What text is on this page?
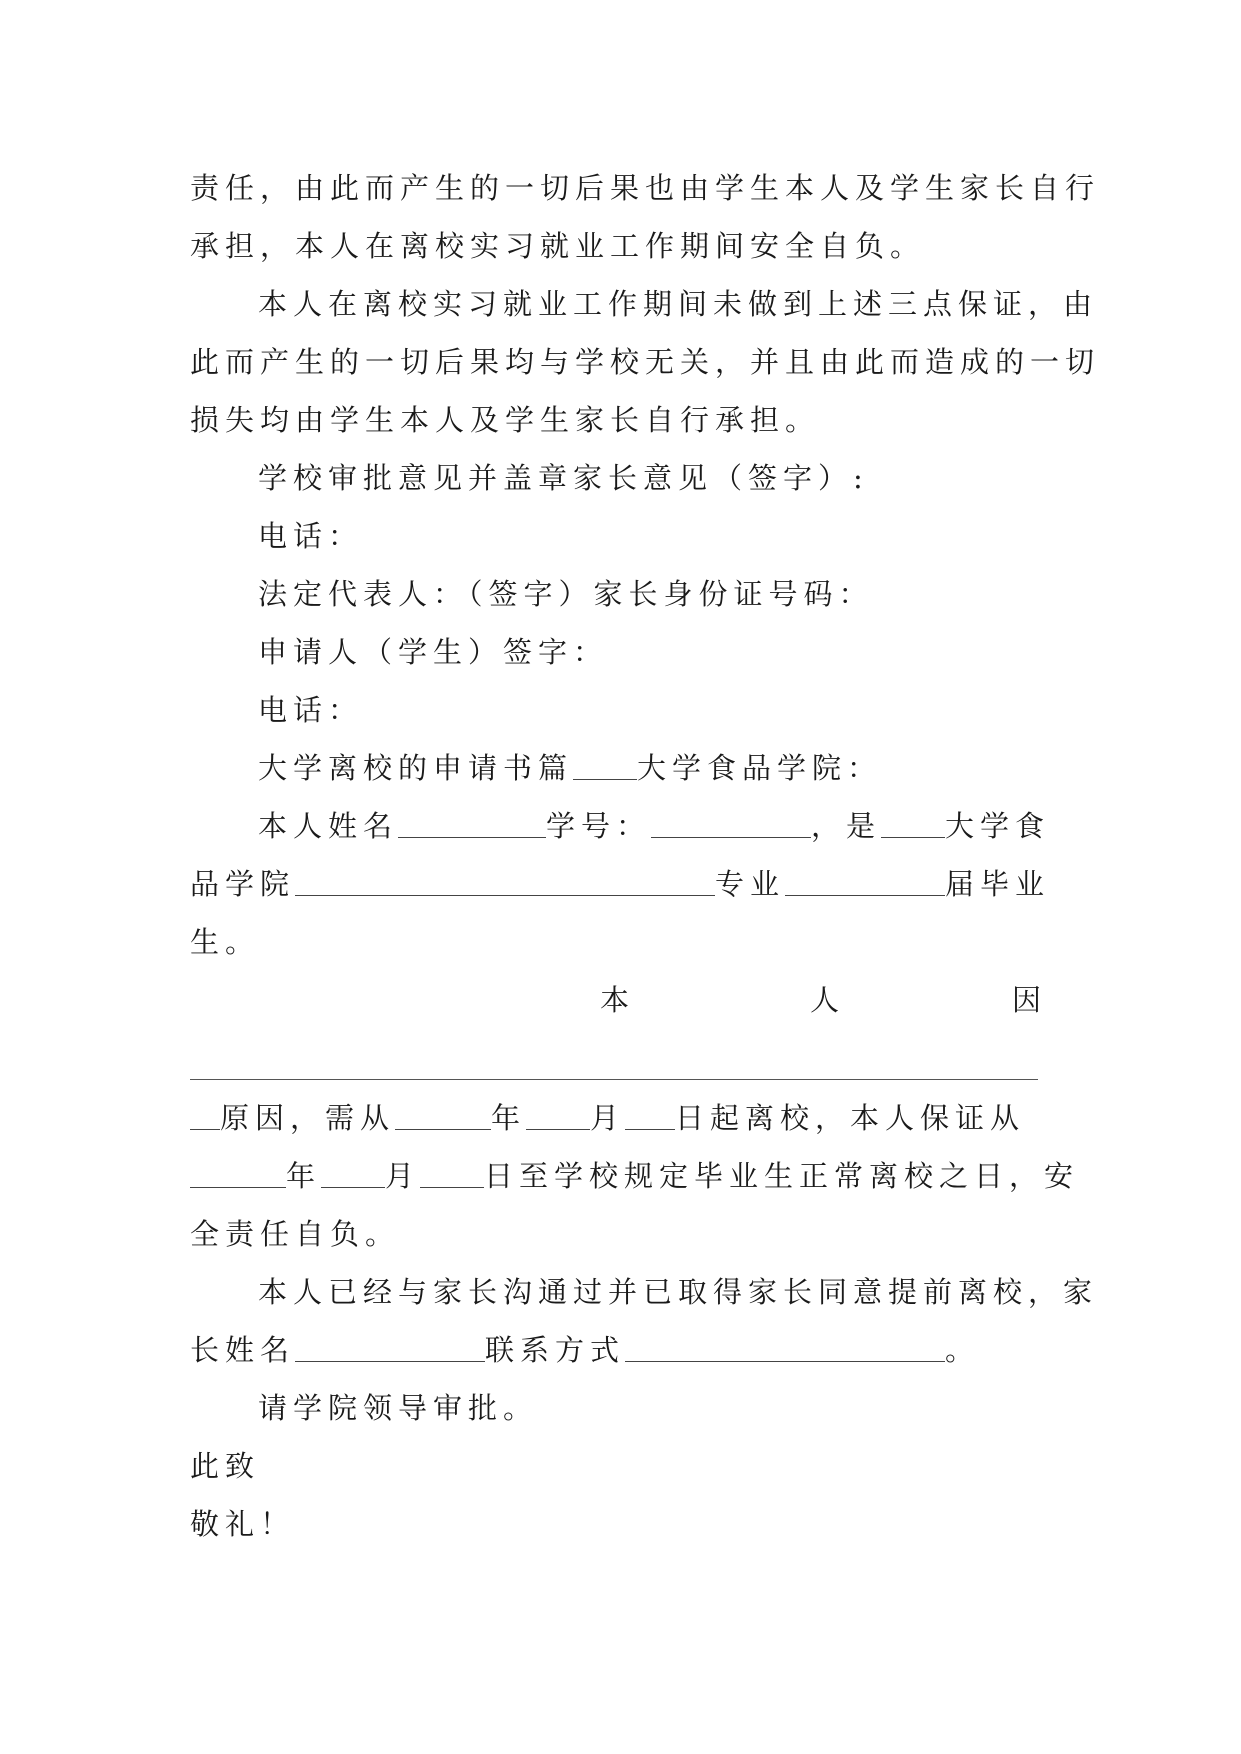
责任，由此而产生的一切后果也由学生本人及学生家长自行
承担，本人在离校实习就业工作期间安全自负。
本人在离校实习就业工作期间未做到上述三点保证，由
此而产生的一切后果均与学校无关，并且由此而造成的一切
损失均由学生本人及学生家长自行承担。
学校审批意见并盖章家长意见（签字）:
电话：
法定代表人：（签字）家长身份证号码：
申请人（学生）签字：
电话：
大学离校的申请书篇 大学食品学院：
本人姓名	学号：	，是 大学食
品学院	专业	届毕业
生。
本	人	因
原因，需从	年 月 日起离校，本人保证从
年 月 日至学校规定毕业生正常离校之日，安
全责任自负。
本人已经与家长沟通过并已取得家长同意提前离校，家
长姓名	联系方式	。
请学院领导审批。
此致
敬礼！
